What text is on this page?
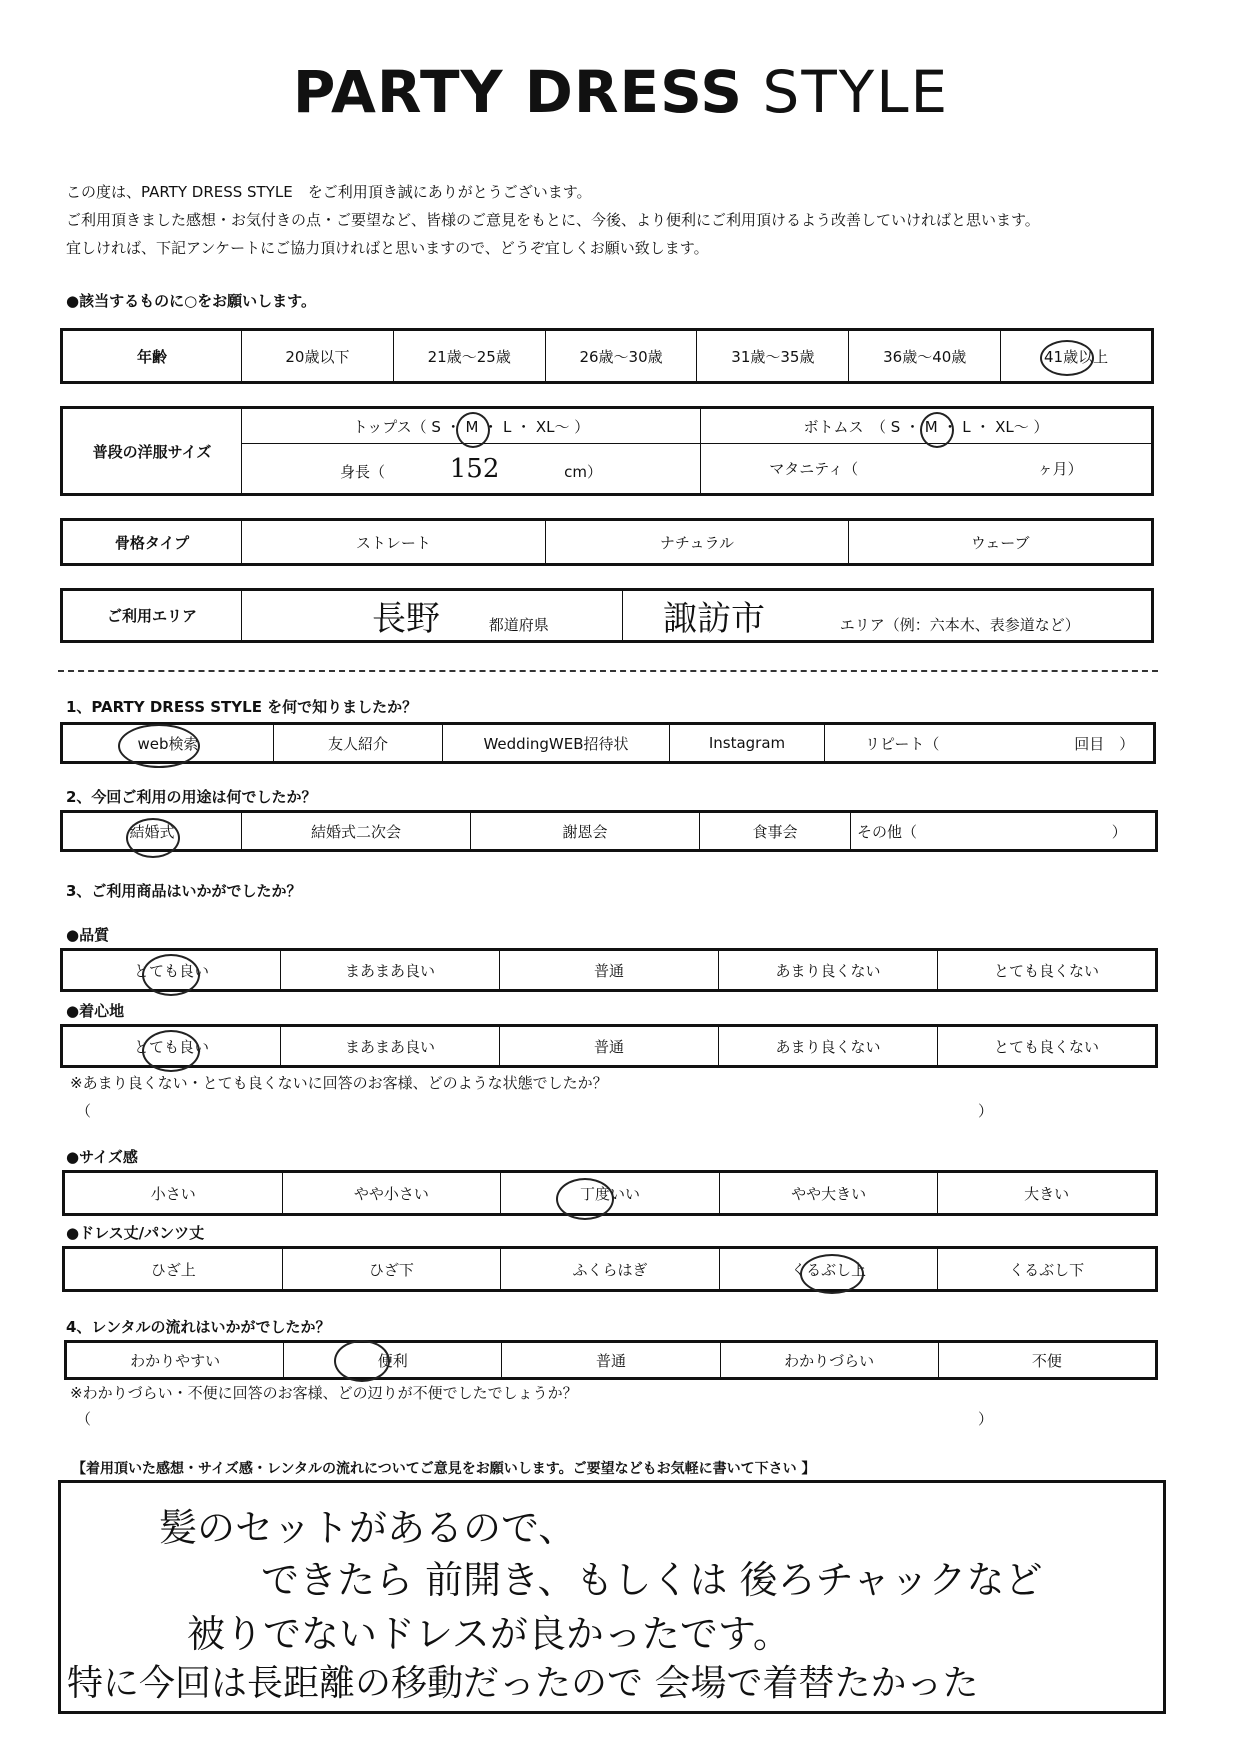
PARTY DRESS STYLE
この度は、PARTY DRESS STYLE　をご利用頂き誠にありがとうございます。
ご利用頂きました感想・お気付きの点・ご要望など、皆様のご意見をもとに、今後、より便利にご利用頂けるよう改善していければと思います。
宜しければ、下記アンケートにご協力頂ければと思いますので、どうぞ宜しくお願い致します。
●該当するものに○をお願いします。
年齢	20歳以下	21歳～25歳	26歳～30歳	31歳～35歳	36歳～40歳	41歳以上
普段の洋服サイズ	トップス（ S ・ M ・ L ・ XL～ ）	ボトムス　（ S ・ M ・ L ・ XL～ ）
	身長（ 152 cm）	マタニティ（ ヶ月）
骨格タイプ	ストレート	ナチュラル	ウェーブ
ご利用エリア	長野	都道府県	諏訪市	エリア（例：六本木、表参道など）
1、PARTY DRESS STYLE を何で知りましたか？
web検索	友人紹介	WeddingWEB招待状	Instagram	リピート（	回目　）
2、今回ご利用の用途は何でしたか？
結婚式	結婚式二次会	謝恩会	食事会	その他（	）
3、ご利用商品はいかがでしたか？
●品質
とても良い	まあまあ良い	普通	あまり良くない	とても良くない
●着心地
とても良い	まあまあ良い	普通	あまり良くない	とても良くない
※あまり良くない・とても良くないに回答のお客様、どのような状態でしたか？
（	）
●サイズ感
小さい	やや小さい	丁度いい	やや大きい	大きい
●ドレス丈/パンツ丈
ひざ上	ひざ下	ふくらはぎ	くるぶし上	くるぶし下
4、レンタルの流れはいかがでしたか？
わかりやすい	便利	普通	わかりづらい	不便
※わかりづらい・不便に回答のお客様、どの辺りが不便でしたでしょうか？
（	）
【着用頂いた感想・サイズ感・レンタルの流れについてご意見をお願いします。ご要望などもお気軽に書いて下さい 】
髪のセットがあるので、
できたら 前開き、もしくは 後ろチャックなど
被りでないドレスが良かったです。
特に今回は長距離の移動だったので 会場で着替たかった
